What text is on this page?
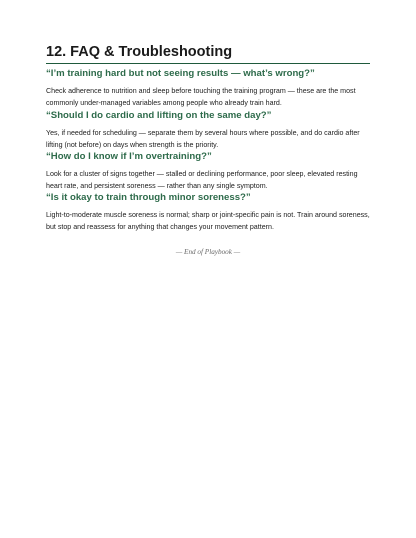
12. FAQ & Troubleshooting

“I’m training hard but not seeing results — what’s wrong?”

Check adherence to nutrition and sleep before touching the training program — these are the most commonly under-managed variables among people who already train hard.

“Should I do cardio and lifting on the same day?”

Yes, if needed for scheduling — separate them by several hours where possible, and do cardio after lifting (not before) on days when strength is the priority.

“How do I know if I’m overtraining?”

Look for a cluster of signs together — stalled or declining performance, poor sleep, elevated resting heart rate, and persistent soreness — rather than any single symptom.

“Is it okay to train through minor soreness?”

Light-to-moderate muscle soreness is normal; sharp or joint-specific pain is not. Train around soreness, but stop and reassess for anything that changes your movement pattern.

— End of Playbook —
